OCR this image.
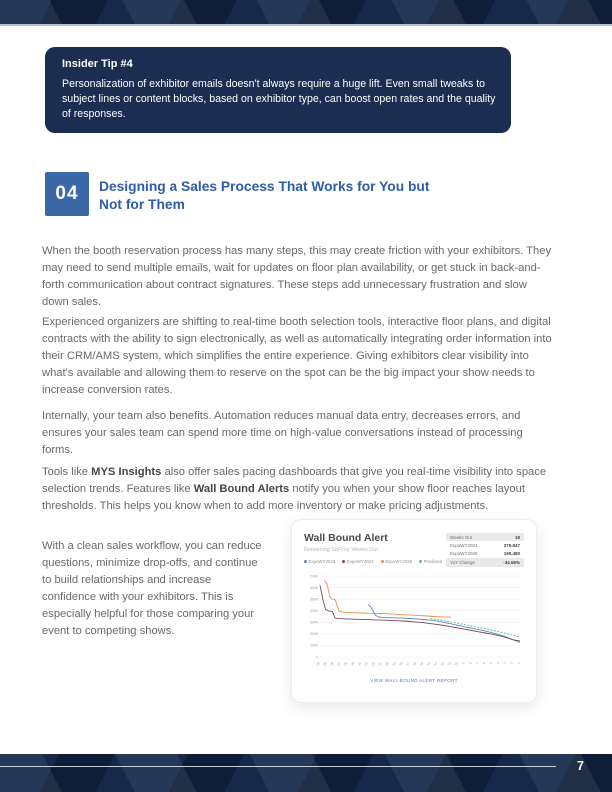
Insider Tip #4

Personalization of exhibitor emails doesn't always require a huge lift. Even small tweaks to subject lines or content blocks, based on exhibitor type, can boost open rates and the quality of responses.

04	Designing a Sales Process That Works for You but
Not for Them

When the booth reservation process has many steps, this may create friction with your exhibitors. They may need to send multiple emails, wait for updates on floor plan availability, or get stuck in back-and-forth communication about contract signatures. These steps add unnecessary frustration and slow down sales.

Experienced organizers are shifting to real-time booth selection tools, interactive floor plans, and digital contracts with the ability to sign electronically, as well as automatically integrating order information into their CRM/AMS system, which simplifies the entire experience. Giving exhibitors clear visibility into what's available and allowing them to reserve on the spot can be the big impact your show needs to increase conversion rates.

Internally, your team also benefits. Automation reduces manual data entry, decreases errors, and ensures your sales team can spend more time on high-value conversations instead of processing forms.

Tools like MYS Insights also offer sales pacing dashboards that give you real-time visibility into space selection trends. Features like Wall Bound Alerts notify you when your show floor reaches layout thresholds. This helps you know when to add more inventory or make pricing adjustments.

With a clean sales workflow, you can reduce questions, minimize drop-offs, and continue to build relationships and increase confidence with your exhibitors. This is especially helpful for those comparing your event to competing shows.

Wall Bound Alert
Remaining SqFt by Weeks Out
ExpoWY2023	ExpoWY2024	ExpoWY2025	Predicted
Weeks Out	18
ExpoWY2024	275,847
ExpoWY2025	190,480
YoY Change	-34.55%
700K
600K
500K
400K
300K
200K
100K
0
30 29 28 27 26 25 24 23 22 21 20 19 18 17 16 15 14 13 12 11 10 9 8 7 6 5 4 3 2 1
VIEW WALL BOUND ALERT REPORT
7
